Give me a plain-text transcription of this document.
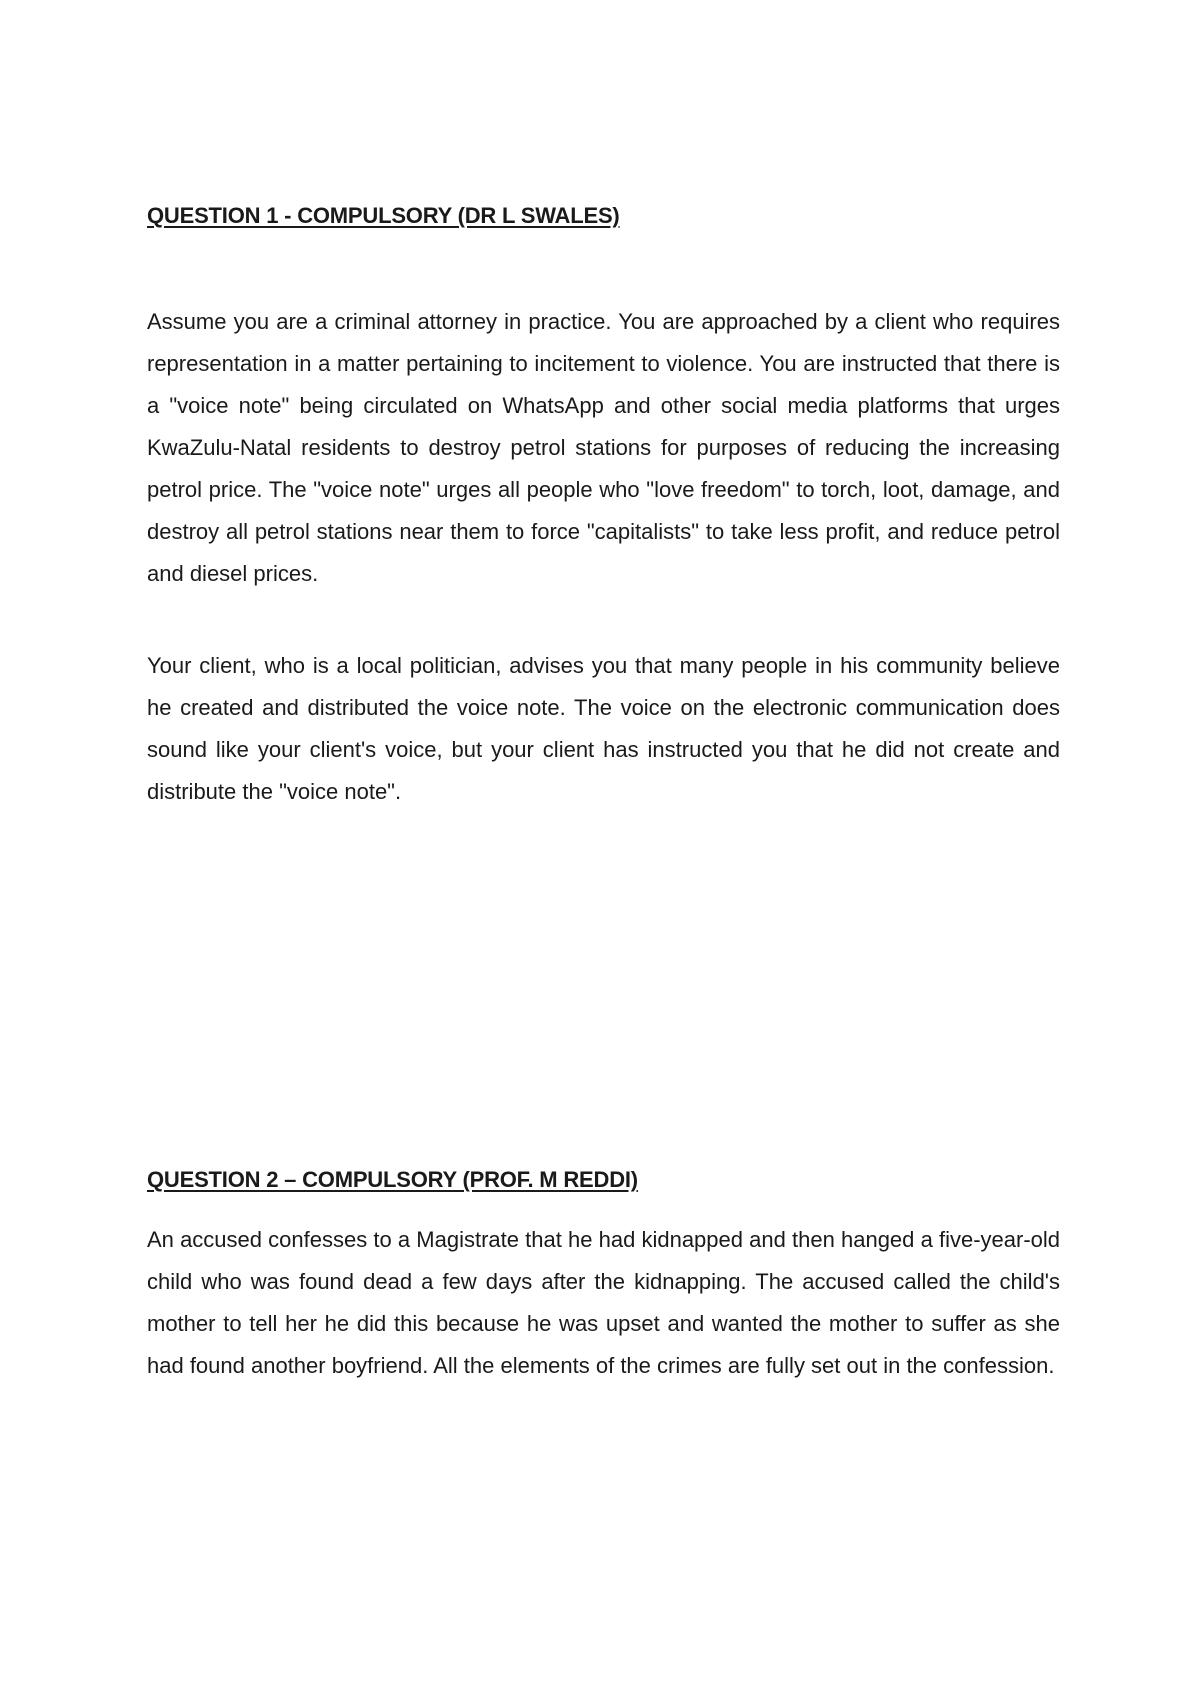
QUESTION 1 - COMPULSORY (DR L SWALES)

Assume you are a criminal attorney in practice. You are approached by a client who requires representation in a matter pertaining to incitement to violence. You are instructed that there is a "voice note" being circulated on WhatsApp and other social media platforms that urges KwaZulu-Natal residents to destroy petrol stations for purposes of reducing the increasing petrol price. The "voice note" urges all people who "love freedom" to torch, loot, damage, and destroy all petrol stations near them to force "capitalists" to take less profit, and reduce petrol and diesel prices.

Your client, who is a local politician, advises you that many people in his community believe he created and distributed the voice note. The voice on the electronic communication does sound like your client's voice, but your client has instructed you that he did not create and distribute the "voice note".

QUESTION 2 – COMPULSORY (PROF. M REDDI)

An accused confesses to a Magistrate that he had kidnapped and then hanged a five-year-old child who was found dead a few days after the kidnapping. The accused called the child's mother to tell her he did this because he was upset and wanted the mother to suffer as she had found another boyfriend. All the elements of the crimes are fully set out in the confession.
